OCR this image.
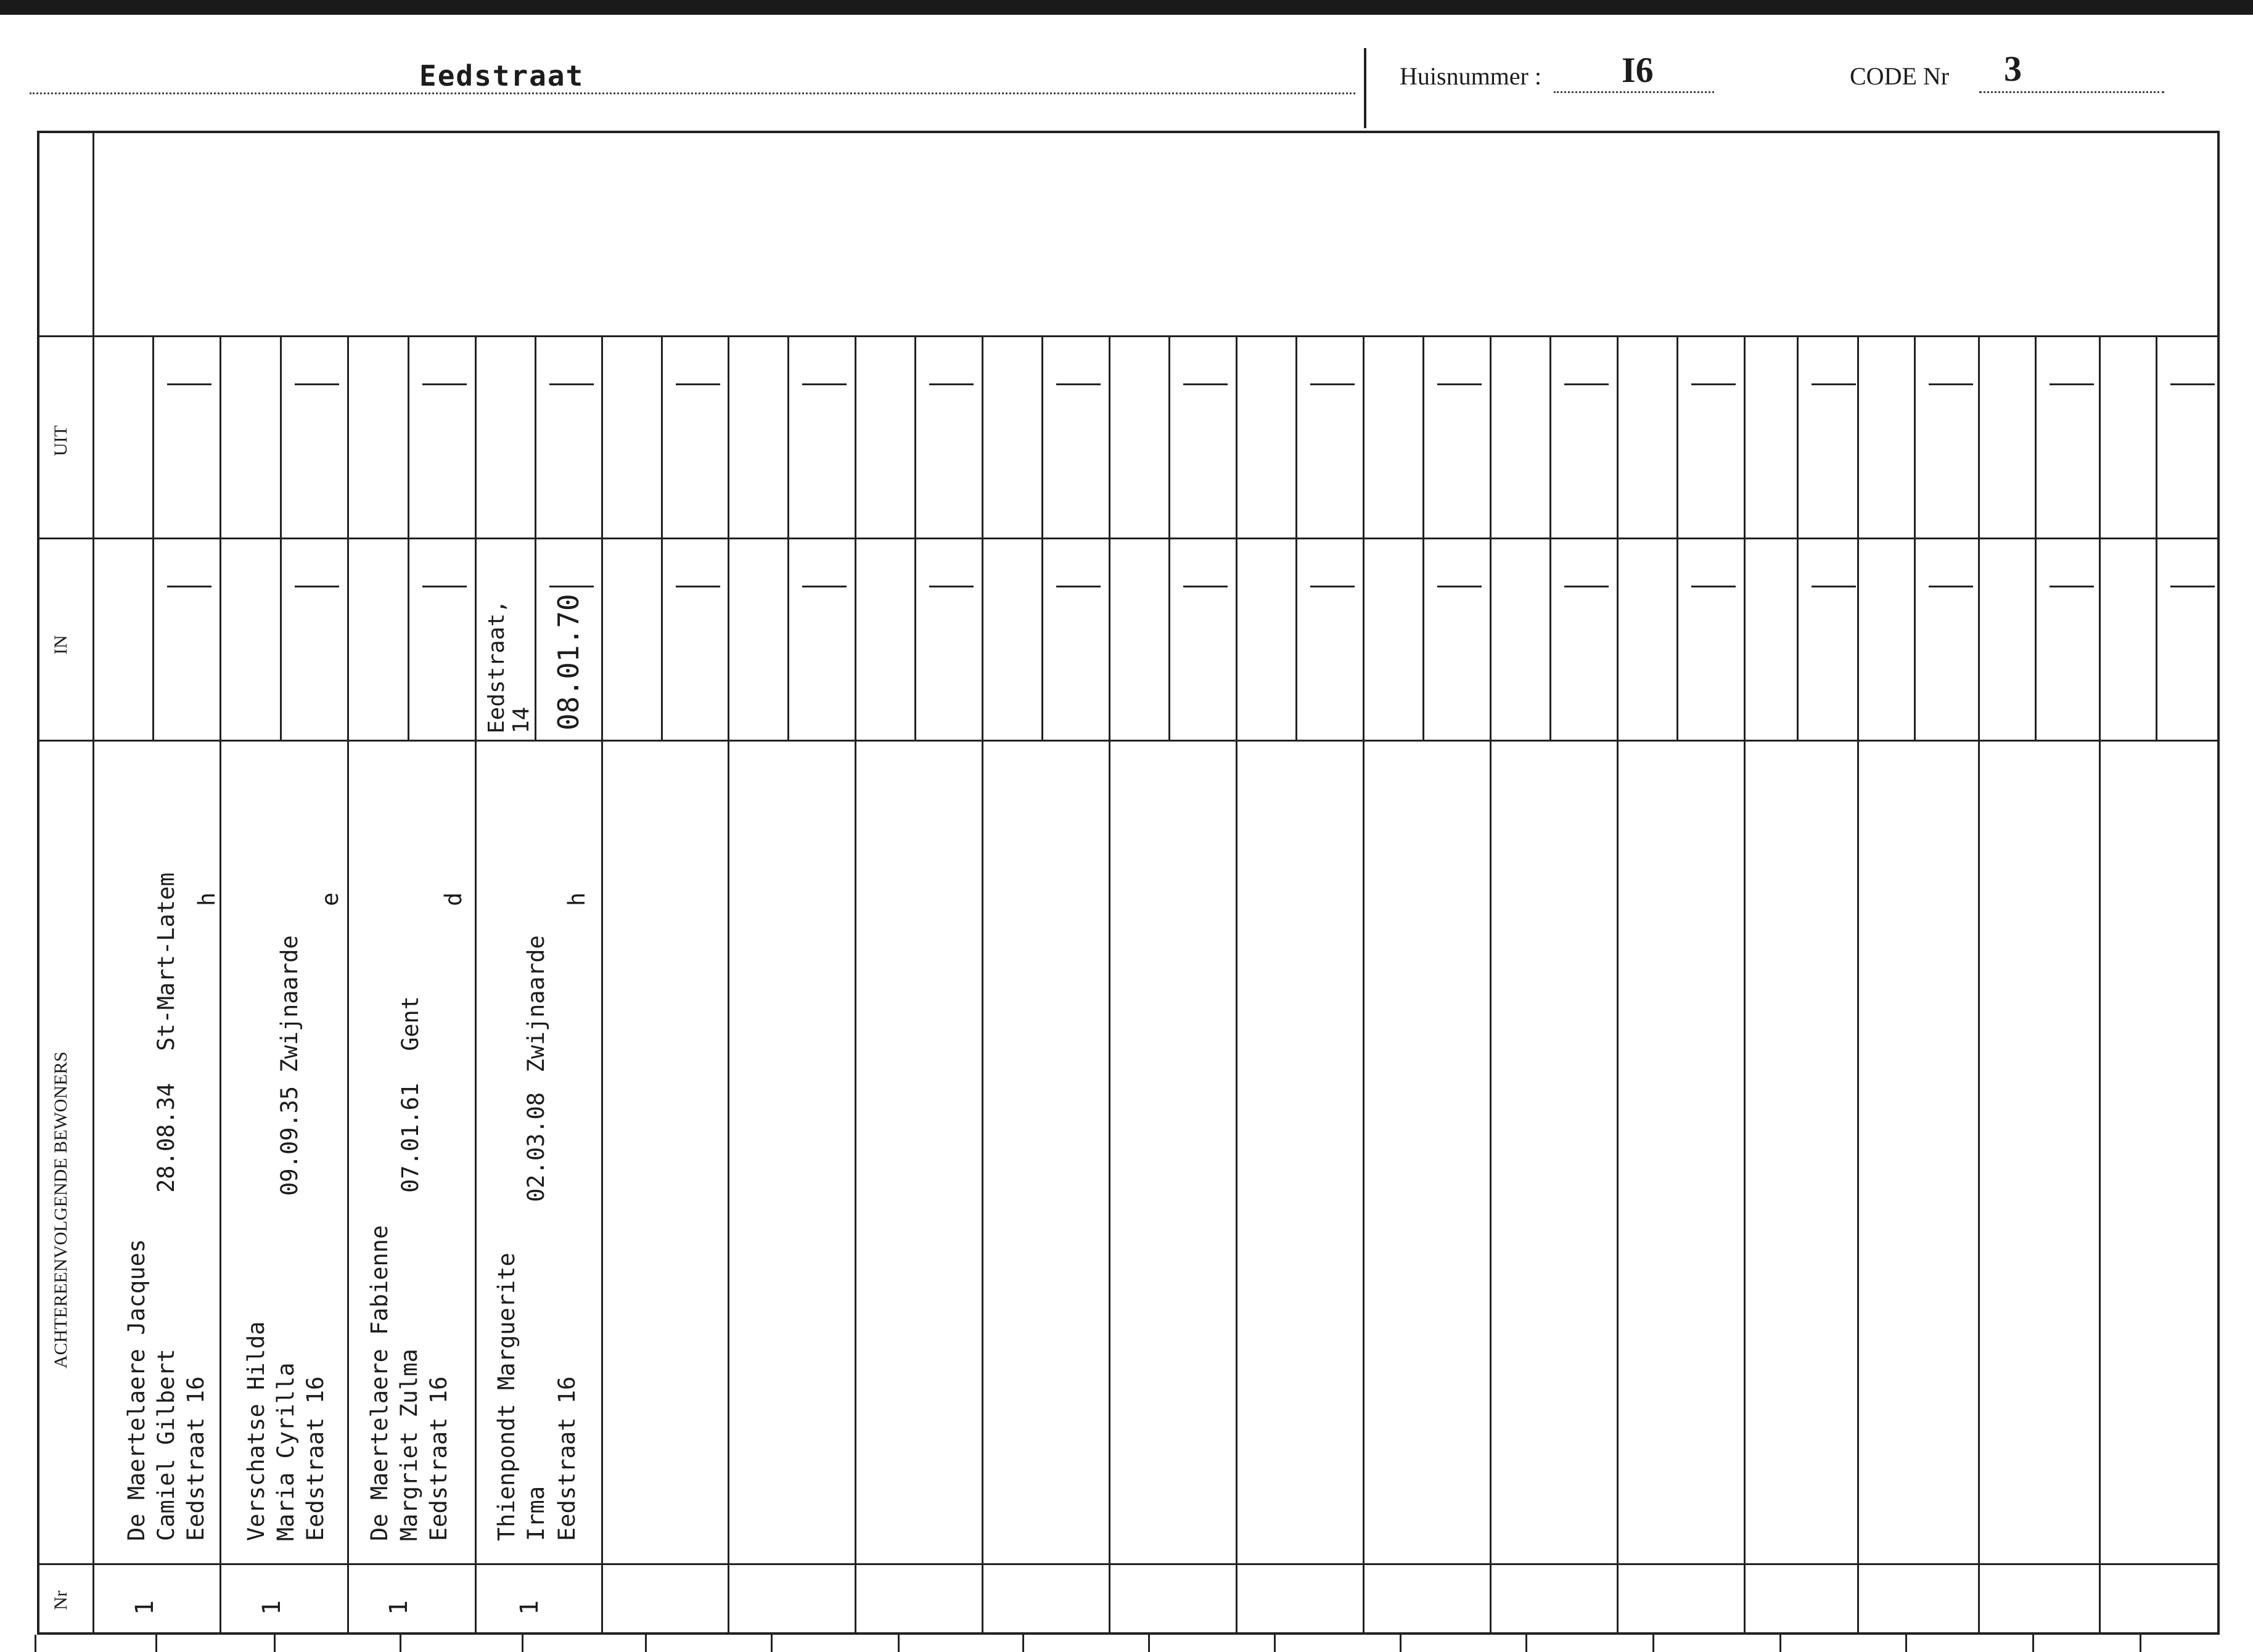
Eedstraat	Huisnummer : I6	CODE Nr 3
UIT
IN
ACHTEREENVOLGENDE BEWONERS
Nr
De Maertelaere Jacques Camiel Gilbert Eedstraat 16
28.08.34
St-Mart-Latem h
1
Verschatse Hilda Maria Cyrilla Eedstraat 16
09.09.35
Zwijnaarde
e
1
De Maertelaere Fabienne Margriet Zulma Eedstraat 16
07.01.61
Gent
d
1
Thienpondt Marguerite Irma Eedstraat 16
02.03.08
Zwijnaarde
h
Eedstraat,
14 08.01.70
1
